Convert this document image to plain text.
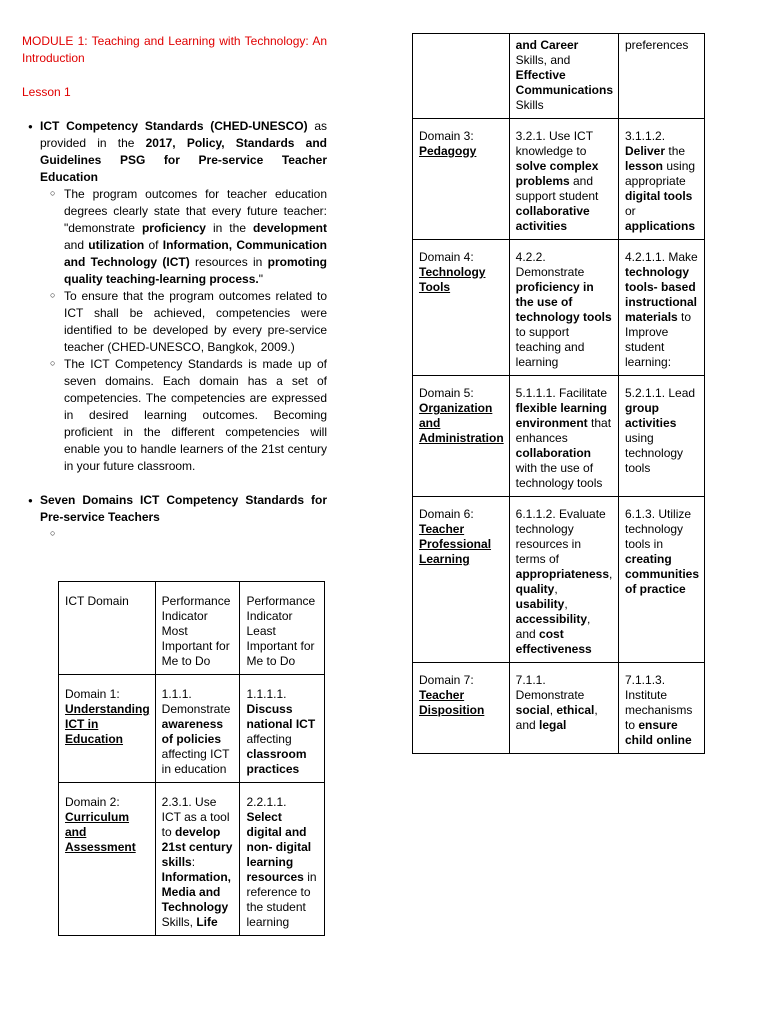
MODULE 1: Teaching and Learning with Technology: An Introduction

Lesson 1

● ICT Competency Standards (CHED-UNESCO) as provided in the 2017, Policy, Standards and Guidelines PSG for Pre-service Teacher Education
○ The program outcomes for teacher education degrees clearly state that every future teacher: "demonstrate proficiency in the development and utilization of Information, Communication and Technology (ICT) resources in promoting quality teaching-learning process."
○ To ensure that the program outcomes related to ICT shall be achieved, competencies were identified to be developed by every pre-service teacher (CHED-UNESCO, Bangkok, 2009.)
○ The ICT Competency Standards is made up of seven domains. Each domain has a set of competencies. The competencies are expressed in desired learning outcomes. Becoming proficient in the different competencies will enable you to handle learners of the 21st century in your future classroom.
● Seven Domains ICT Competency Standards for Pre-service Teachers
○
ICT Domain	Performance Indicator Most Important for Me to Do	Performance Indicator Least Important for Me to Do
Domain 1: Understanding ICT in Education	1.1.1. Demonstrate awareness of policies affecting ICT in education	1.1.1.1. Discuss national ICT affecting classroom practices
Domain 2: Curriculum and Assessment	2.3.1. Use ICT as a tool to develop 21st century skills: Information, Media and Technology Skills, Life	2.2.1.1. Select digital and non- digital learning resources in reference to the student learning
	and Career Skills, and Effective Communications Skills	preferences
Domain 3: Pedagogy	3.2.1. Use ICT knowledge to solve complex problems and support student collaborative activities	3.1.1.2. Deliver the lesson using appropriate digital tools or applications
Domain 4: Technology Tools	4.2.2. Demonstrate proficiency in the use of technology tools to support teaching and learning	4.2.1.1. Make technology tools- based instructional materials to Improve student learning:
Domain 5: Organization and Administration	5.1.1.1. Facilitate flexible learning environment that enhances collaboration with the use of technology tools	5.2.1.1. Lead group activities using technology tools
Domain 6: Teacher Professional Learning	6.1.1.2. Evaluate technology resources in terms of appropriateness, quality, usability, accessibility, and cost effectiveness	6.1.3. Utilize technology tools in creating communities of practice
Domain 7: Teacher Disposition	7.1.1. Demonstrate social, ethical, and legal	7.1.1.3. Institute mechanisms to ensure child online
